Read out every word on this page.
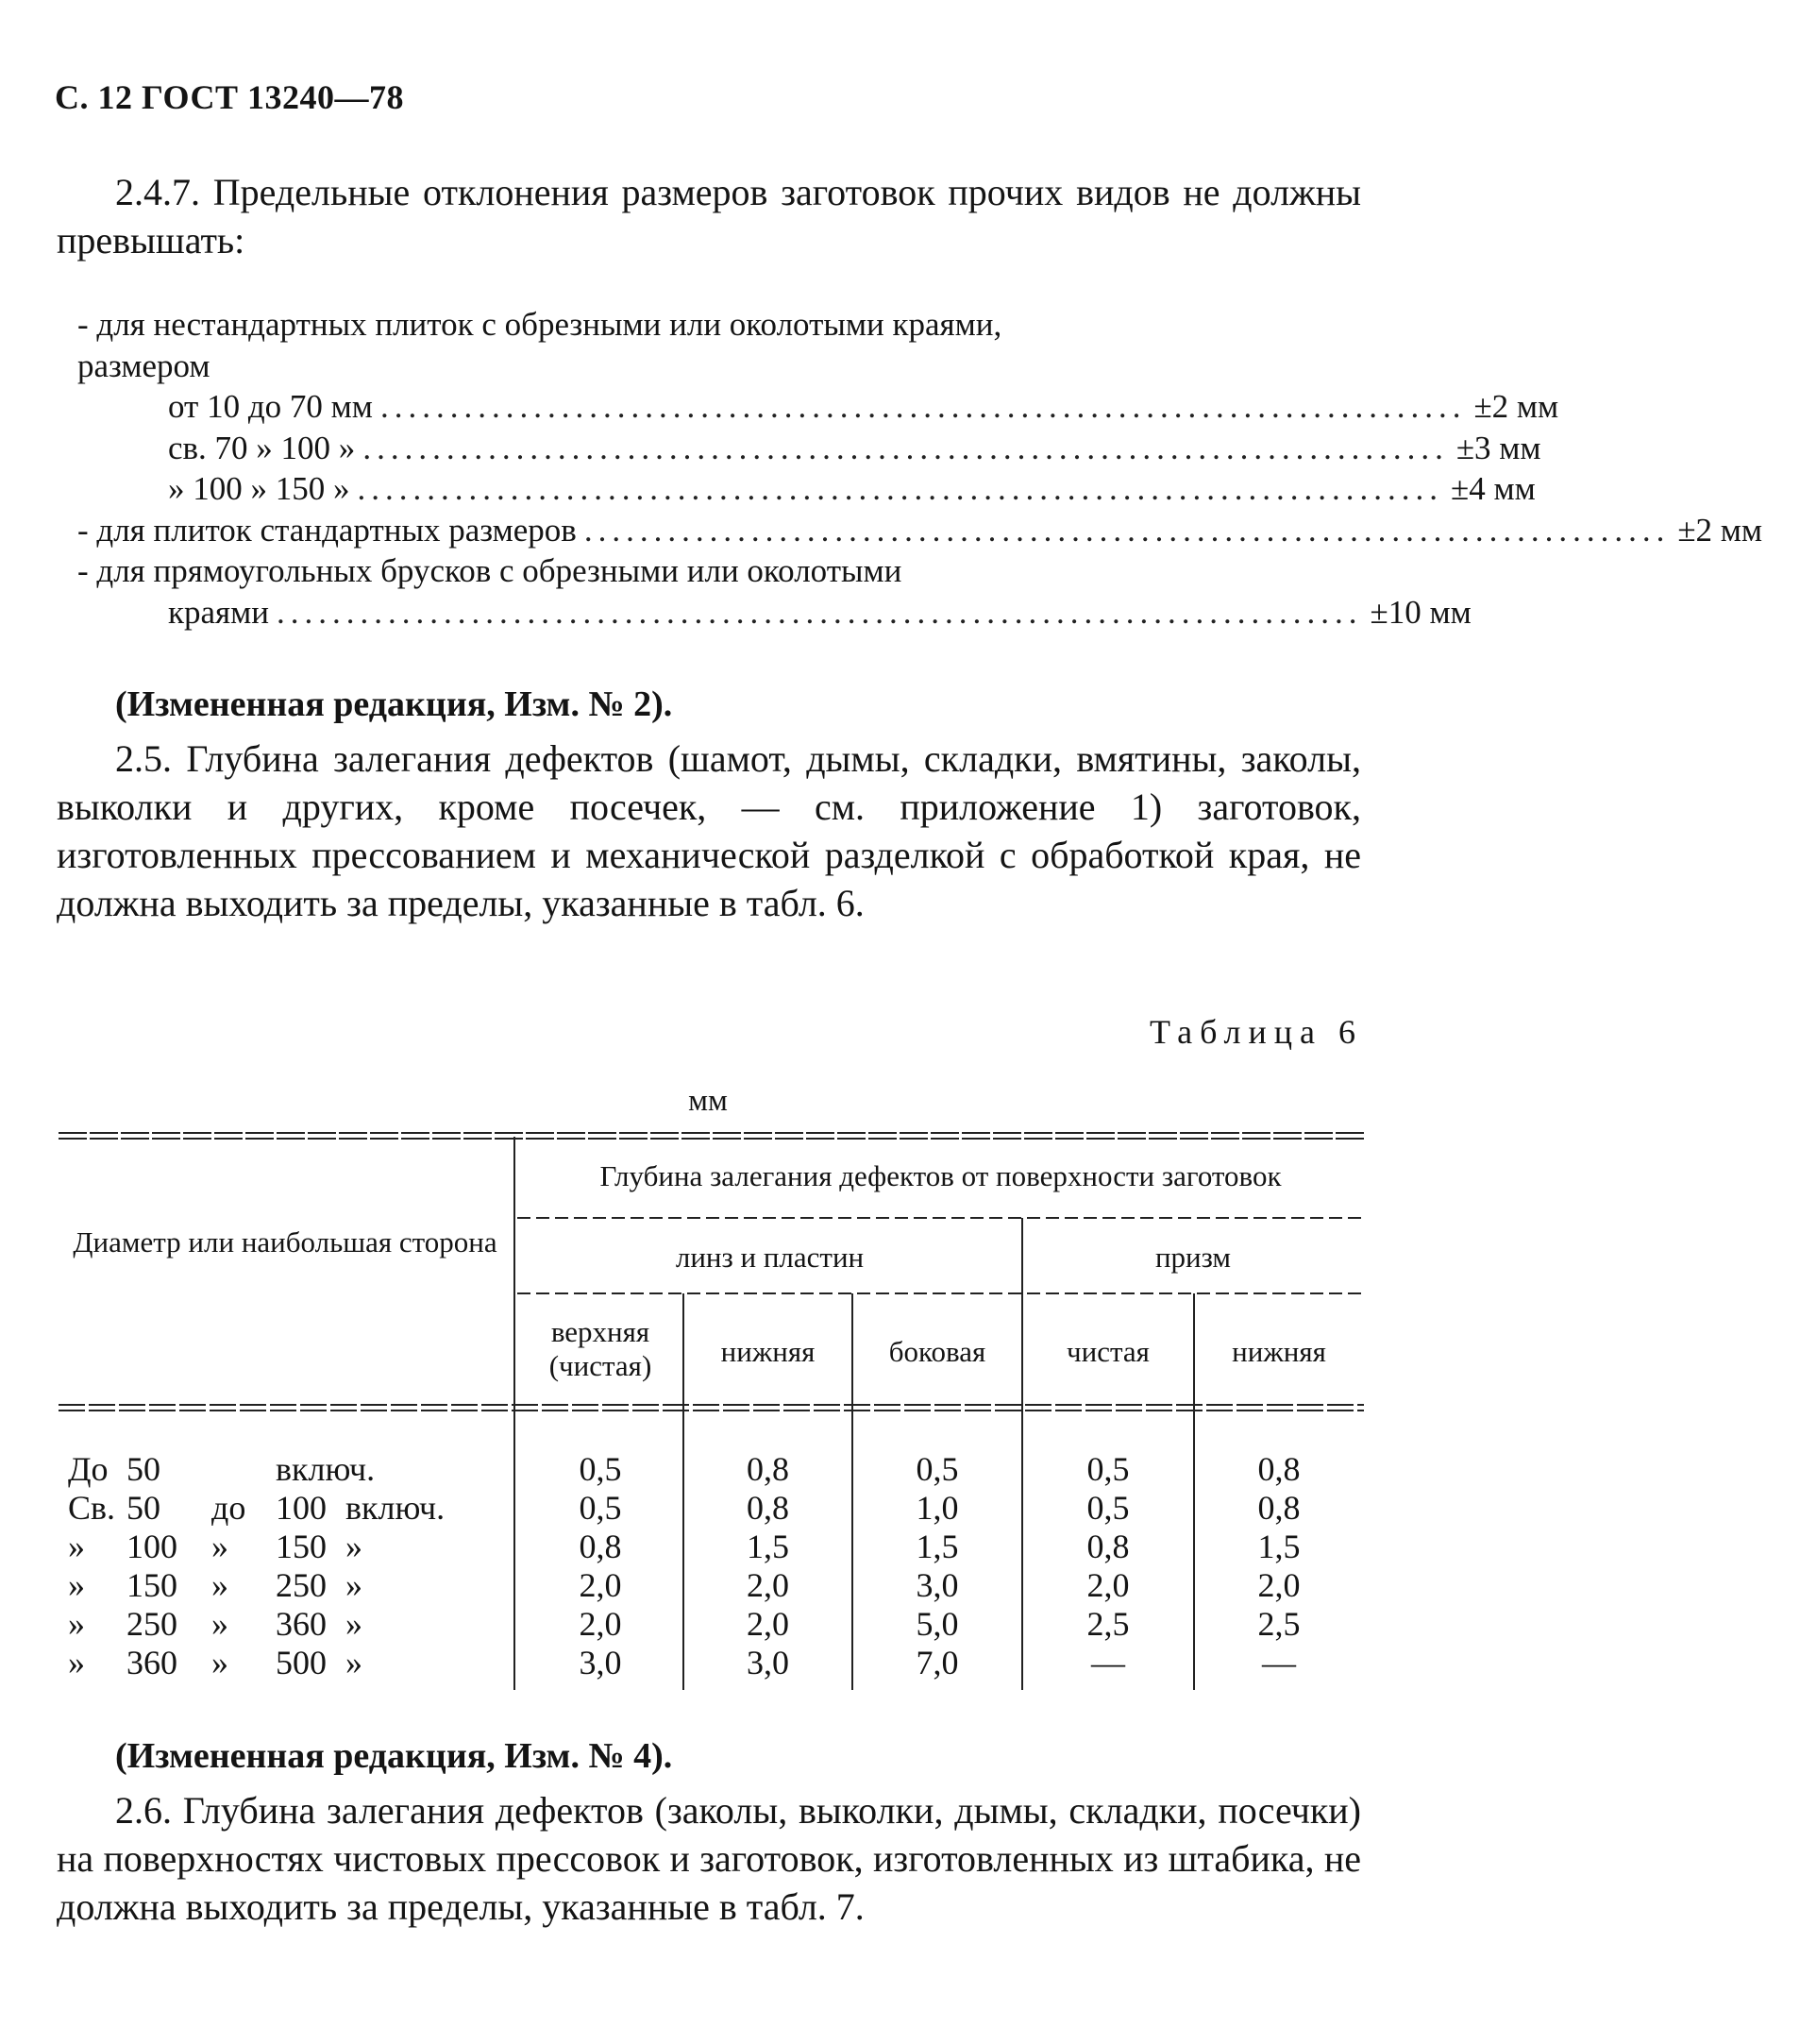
С. 12 ГОСТ 13240—78
2.4.7. Предельные отклонения размеров заготовок прочих видов не должны превышать:
- для нестандартных плиток с обрезными или околотыми краями,
размером
от 10 до 70 мм .............................................................................. ±2 мм
св. 70 » 100 » .............................................................................. ±3 мм
» 100 » 150 » .............................................................................. ±4 мм
- для плиток стандартных размеров .............................................................................. ±2 мм
- для прямоугольных брусков с обрезными или околотыми
краями .............................................................................. ±10 мм
(Измененная редакция, Изм. № 2).
2.5. Глубина залегания дефектов (шамот, дымы, складки, вмятины, заколы, выколки и других, кроме посечек, — см. приложение 1) заготовок, изготовленных прессованием и механической разделкой с обработкой края, не должна выходить за пределы, указанные в табл. 6.
Таблица 6
мм
Диаметр или наибольшая сторона
Глубина залегания дефектов от поверхности заготовок
линз и пластин	призм
верхняя (чистая)	нижняя	боковая	чистая	нижняя
До 50	включ.	0,5	0,8	0,5	0,5	0,8
Св. 50 до 100 включ.	0,5	0,8	1,0	0,5	0,8
» 100 » 150 »	0,8	1,5	1,5	0,8	1,5
» 150 » 250 »	2,0	2,0	3,0	2,0	2,0
» 250 » 360 »	2,0	2,0	5,0	2,5	2,5
» 360 » 500 »	3,0	3,0	7,0	—	—
(Измененная редакция, Изм. № 4).
2.6. Глубина залегания дефектов (заколы, выколки, дымы, складки, посечки) на поверхностях чистовых прессовок и заготовок, изготовленных из штабика, не должна выходить за пределы, указанные в табл. 7.
